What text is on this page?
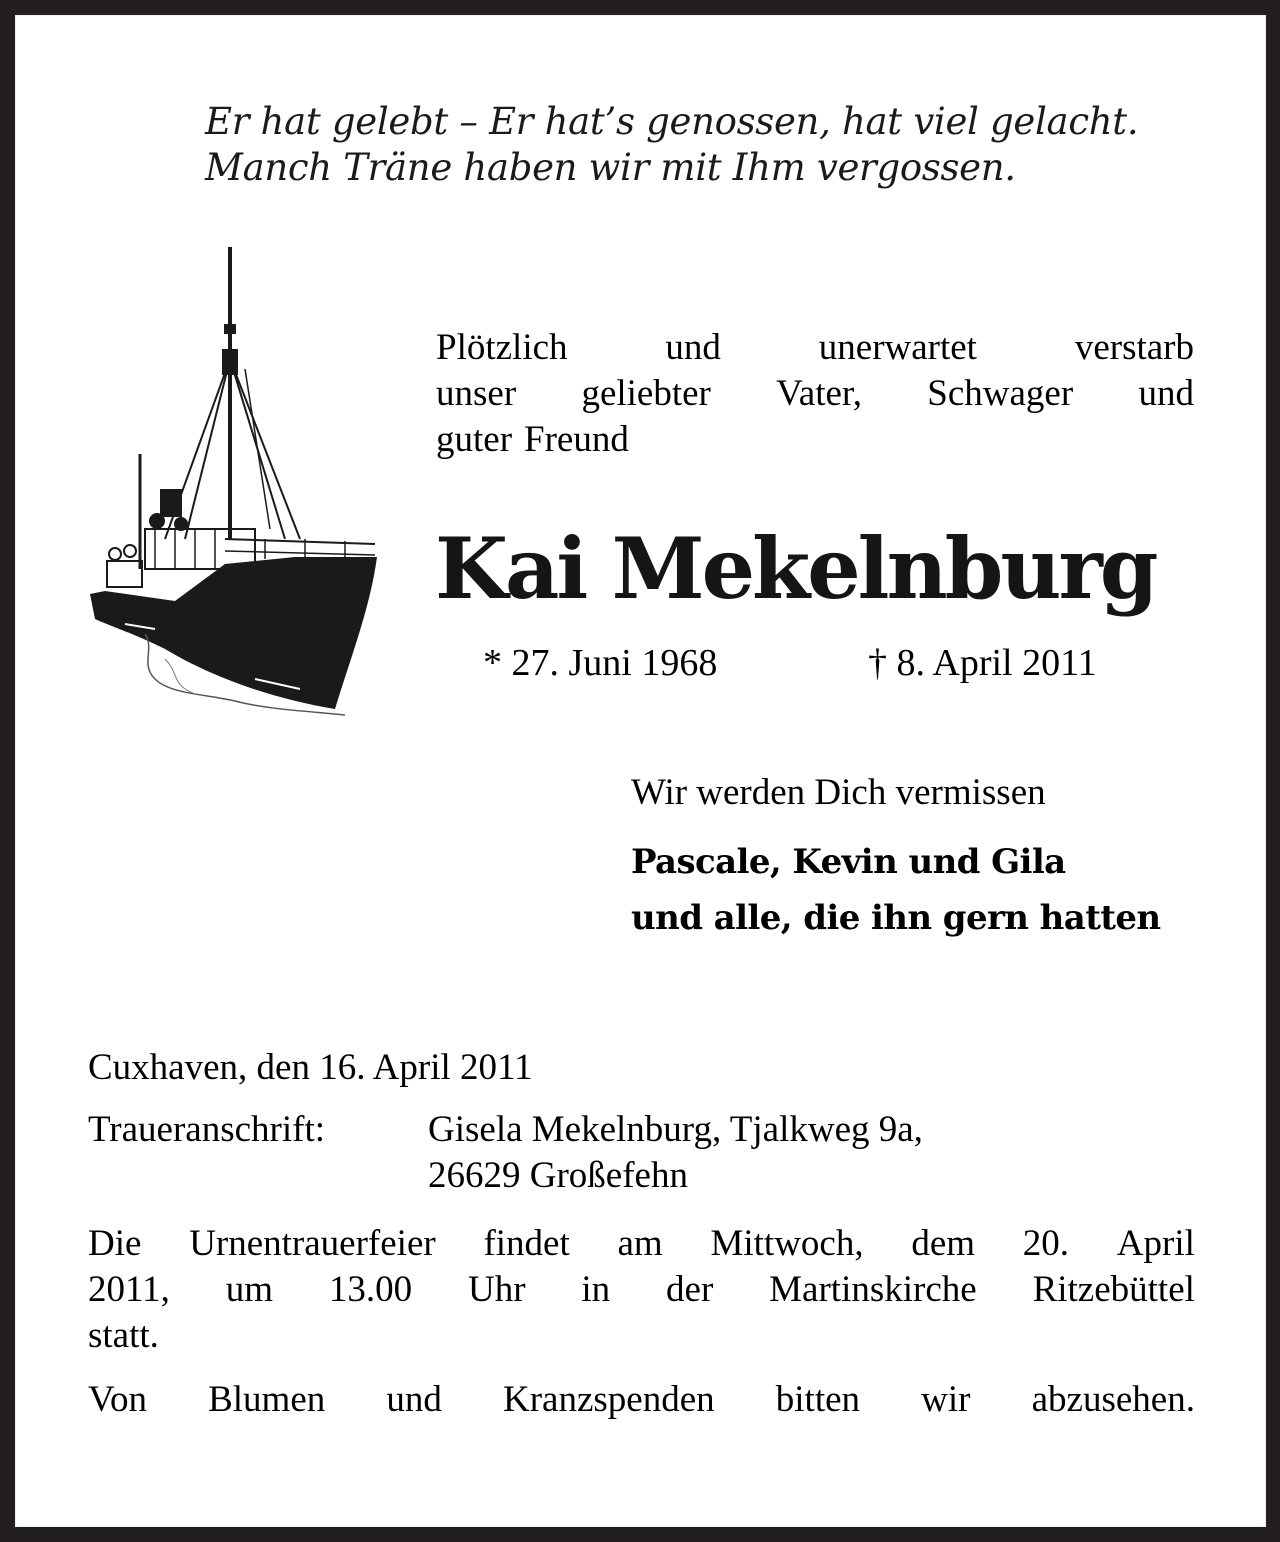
Er hat gelebt – Er hat’s genossen, hat viel gelacht.
Manch Träne haben wir mit Ihm vergossen.
Plötzlich	und	unerwartet	verstarb
unser geliebter Vater, Schwager und
guter Freund
Kai Mekelnburg
* 27. Juni 1968	† 8. April 2011
Wir werden Dich vermissen
Pascale, Kevin und Gila
und alle, die ihn gern hatten
Cuxhaven, den 16. April 2011
Traueranschrift:	Gisela Mekelnburg, Tjalkweg 9a,
26629 Großefehn
Die Urnentrauerfeier findet am Mittwoch, dem 20. April
2011, um 13.00 Uhr in der Martinskirche Ritzebüttel
statt.
Von Blumen und Kranzspenden bitten wir abzusehen.
